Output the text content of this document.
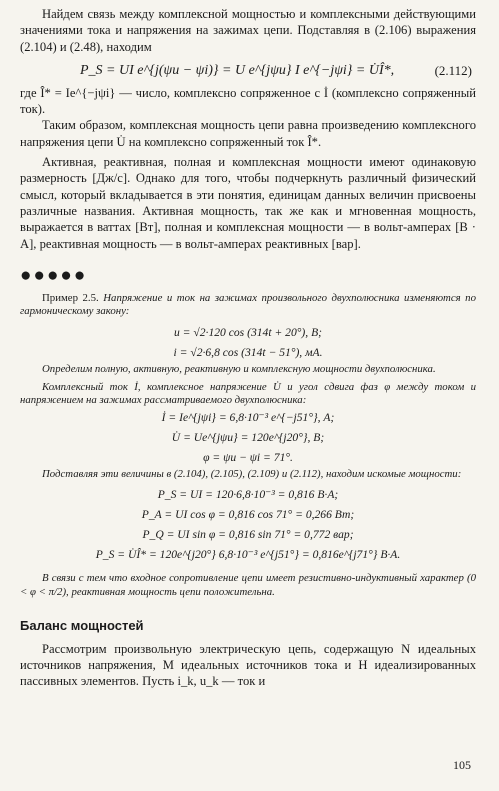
Найдем связь между комплексной мощностью и комплексными действующими значениями тока и напряжения на зажимах цепи. Подставляя в (2.106) выражения (2.104) и (2.48), находим

P_S = UI e^{j(ψu − ψi)} = U e^{jψu} I e^{−jψi} = U̇Î*,	(2.112)

где Î* = Ie^{−jψi} — число, комплексно сопряженное с İ (комплексно сопряженный ток).

Таким образом, комплексная мощность цепи равна произведению комплексного напряжения цепи U̇ на комплексно сопряженный ток Î*.

Активная, реактивная, полная и комплексная мощности имеют одинаковую размерность [Дж/с]. Однако для того, чтобы подчеркнуть различный физический смысл, который вкладывается в эти понятия, единицам данных величин присвоены различные названия. Активная мощность, так же как и мгновенная мощность, выражается в ваттах [Вт], полная и комплексная мощности — в вольт-амперах [В · А], реактивная мощность — в вольт-амперах реактивных [вар].

●●●●●

Пример 2.5. Напряжение и ток на зажимах произвольного двухполюсника изменяются по гармоническому закону:

u = √2·120 cos (314t + 20°), В;
i = √2·6,8 cos (314t − 51°), мА.

Определим полную, активную, реактивную и комплексную мощности двухполюсника.

Комплексный ток İ, комплексное напряжение U̇ и угол сдвига фаз φ между током и напряжением на зажимах рассматриваемого двухполюсника:

İ = Ie^{jψi} = 6,8·10⁻³ e^{−j51°}, А;
U̇ = Ue^{jψu} = 120e^{j20°}, В;
φ = ψu − ψi = 71°.

Подставляя эти величины в (2.104), (2.105), (2.109) и (2.112), находим искомые мощности:

P_S = UI = 120·6,8·10⁻³ = 0,816 В·А;
P_A = UI cos φ = 0,816 cos 71° = 0,266 Вт;
P_Q = UI sin φ = 0,816 sin 71° = 0,772 вар;
P_S = U̇Î* = 120e^{j20°} 6,8·10⁻³ e^{j51°} = 0,816e^{j71°} В·А.

В связи с тем что входное сопротивление цепи имеет резистивно-индуктивный характер (0 < φ < π/2), реактивная мощность цепи положительна.

Баланс мощностей

Рассмотрим произвольную электрическую цепь, содержащую N идеальных источников напряжения, M идеальных источников тока и H идеализированных пассивных элементов. Пусть i_k, u_k — ток и

105
